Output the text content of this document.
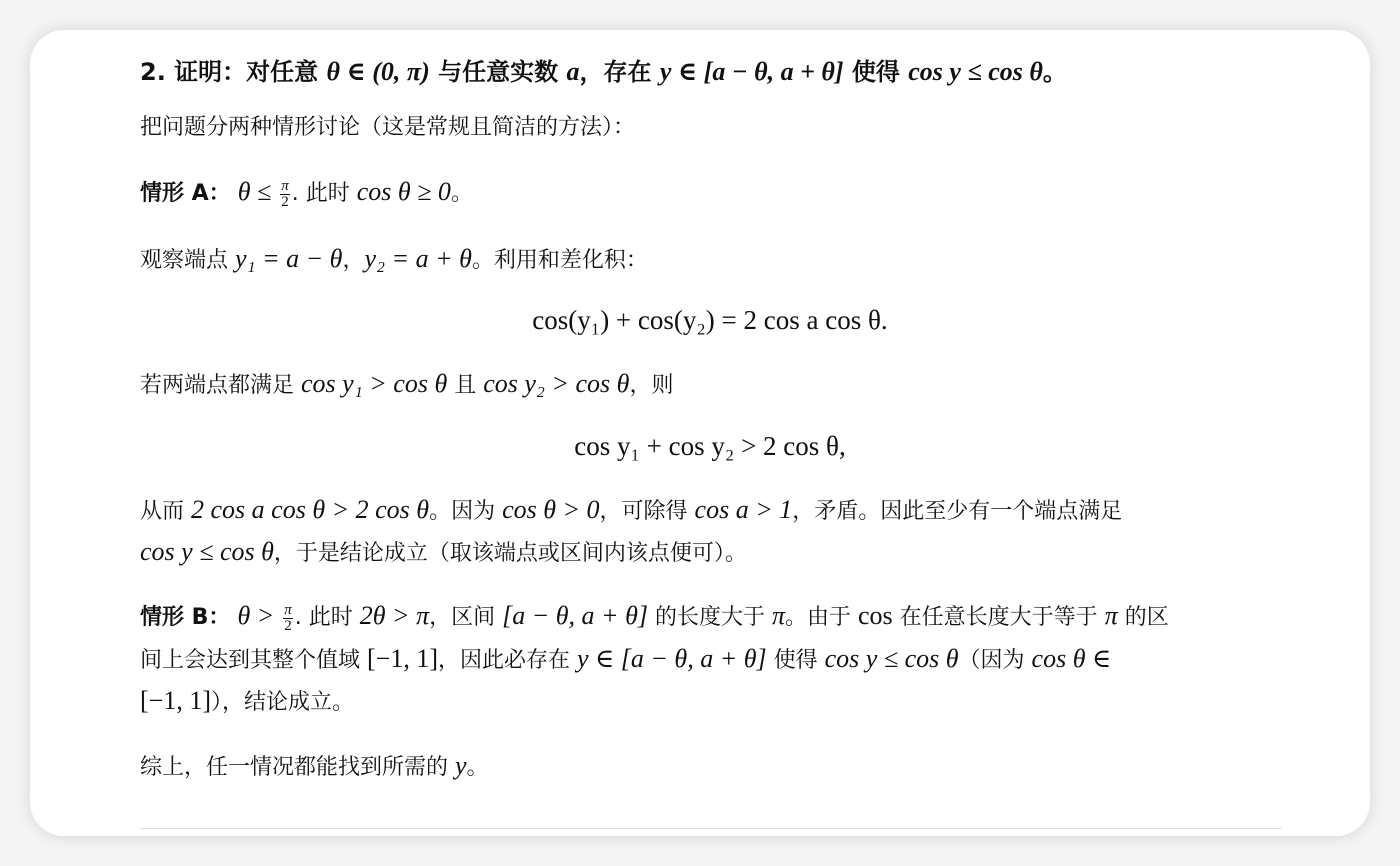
2. 证明：对任意 θ ∈ (0, π) 与任意实数 a，存在 y ∈ [a − θ, a + θ] 使得 cos y ≤ cos θ。
把问题分两种情形讨论（这是常规且简洁的方法）：
情形 A： $\theta \le \frac{\pi}{2}$ . 此时 cos θ ≥ 0。
观察端点 y₁ = a − θ，y₂ = a + θ。利用和差化积：
cos(y₁) + cos(y₂) = 2 cos a cos θ.
若两端点都满足 cos y₁ > cos θ 且 cos y₂ > cos θ，则
cos y₁ + cos y₂ > 2 cos θ,
从而 2 cos a cos θ > 2 cos θ。因为 cos θ > 0，可除得 cos a > 1，矛盾。因此至少有一个端点满足
cos y ≤ cos θ，于是结论成立（取该端点或区间内该点便可）。
情形 B： $\theta > \frac{\pi}{2}$ . 此时 2θ > π，区间 [a − θ, a + θ] 的长度大于 π。由于 cos 在任意长度大于等于 π 的区
间上会达到其整个值域 [−1, 1]，因此必存在 y ∈ [a − θ, a + θ] 使得 cos y ≤ cos θ（因为 cos θ ∈
[−1, 1]），结论成立。
综上，任一情况都能找到所需的 y。
